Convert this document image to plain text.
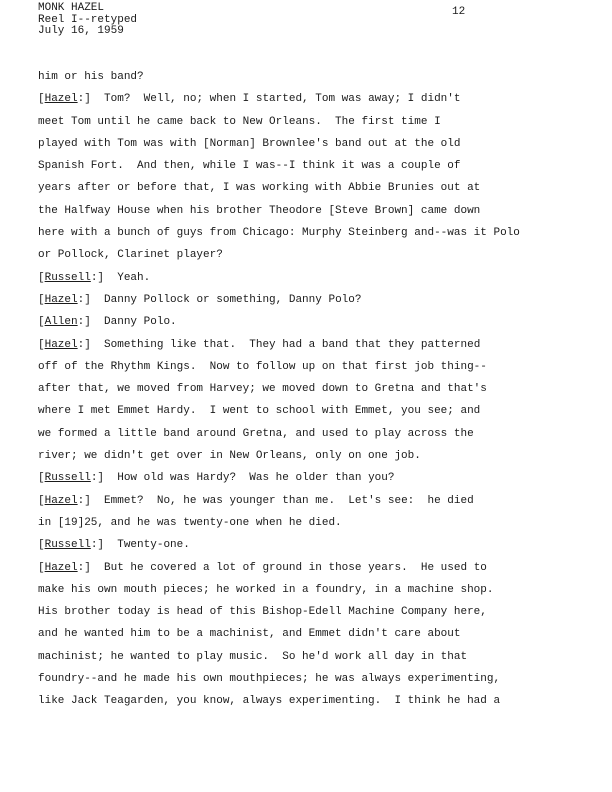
MONK HAZEL
Reel I--retyped
July 16, 1959
12
him or his band?
[Hazel:]  Tom?  Well, no; when I started, Tom was away; I didn't
meet Tom until he came back to New Orleans.  The first time I
played with Tom was with [Norman] Brownlee's band out at the old
Spanish Fort.  And then, while I was--I think it was a couple of
years after or before that, I was working with Abbie Brunies out at
the Halfway House when his brother Theodore [Steve Brown] came down
here with a bunch of guys from Chicago: Murphy Steinberg and--was it Polo
or Pollock, Clarinet player?
[Russell:]  Yeah.
[Hazel:]  Danny Pollock or something, Danny Polo?
[Allen:]  Danny Polo.
[Hazel:]  Something like that.  They had a band that they patterned
off of the Rhythm Kings.  Now to follow up on that first job thing--
after that, we moved from Harvey; we moved down to Gretna and that's
where I met Emmet Hardy.  I went to school with Emmet, you see; and
we formed a little band around Gretna, and used to play across the
river; we didn't get over in New Orleans, only on one job.
[Russell:]  How old was Hardy?  Was he older than you?
[Hazel:]  Emmet?  No, he was younger than me.  Let's see:  he died
in [19]25, and he was twenty-one when he died.
[Russell:]  Twenty-one.
[Hazel:]  But he covered a lot of ground in those years.  He used to
make his own mouth pieces; he worked in a foundry, in a machine shop.
His brother today is head of this Bishop-Edell Machine Company here,
and he wanted him to be a machinist, and Emmet didn't care about
machinist; he wanted to play music.  So he'd work all day in that
foundry--and he made his own mouthpieces; he was always experimenting,
like Jack Teagarden, you know, always experimenting.  I think he had a
